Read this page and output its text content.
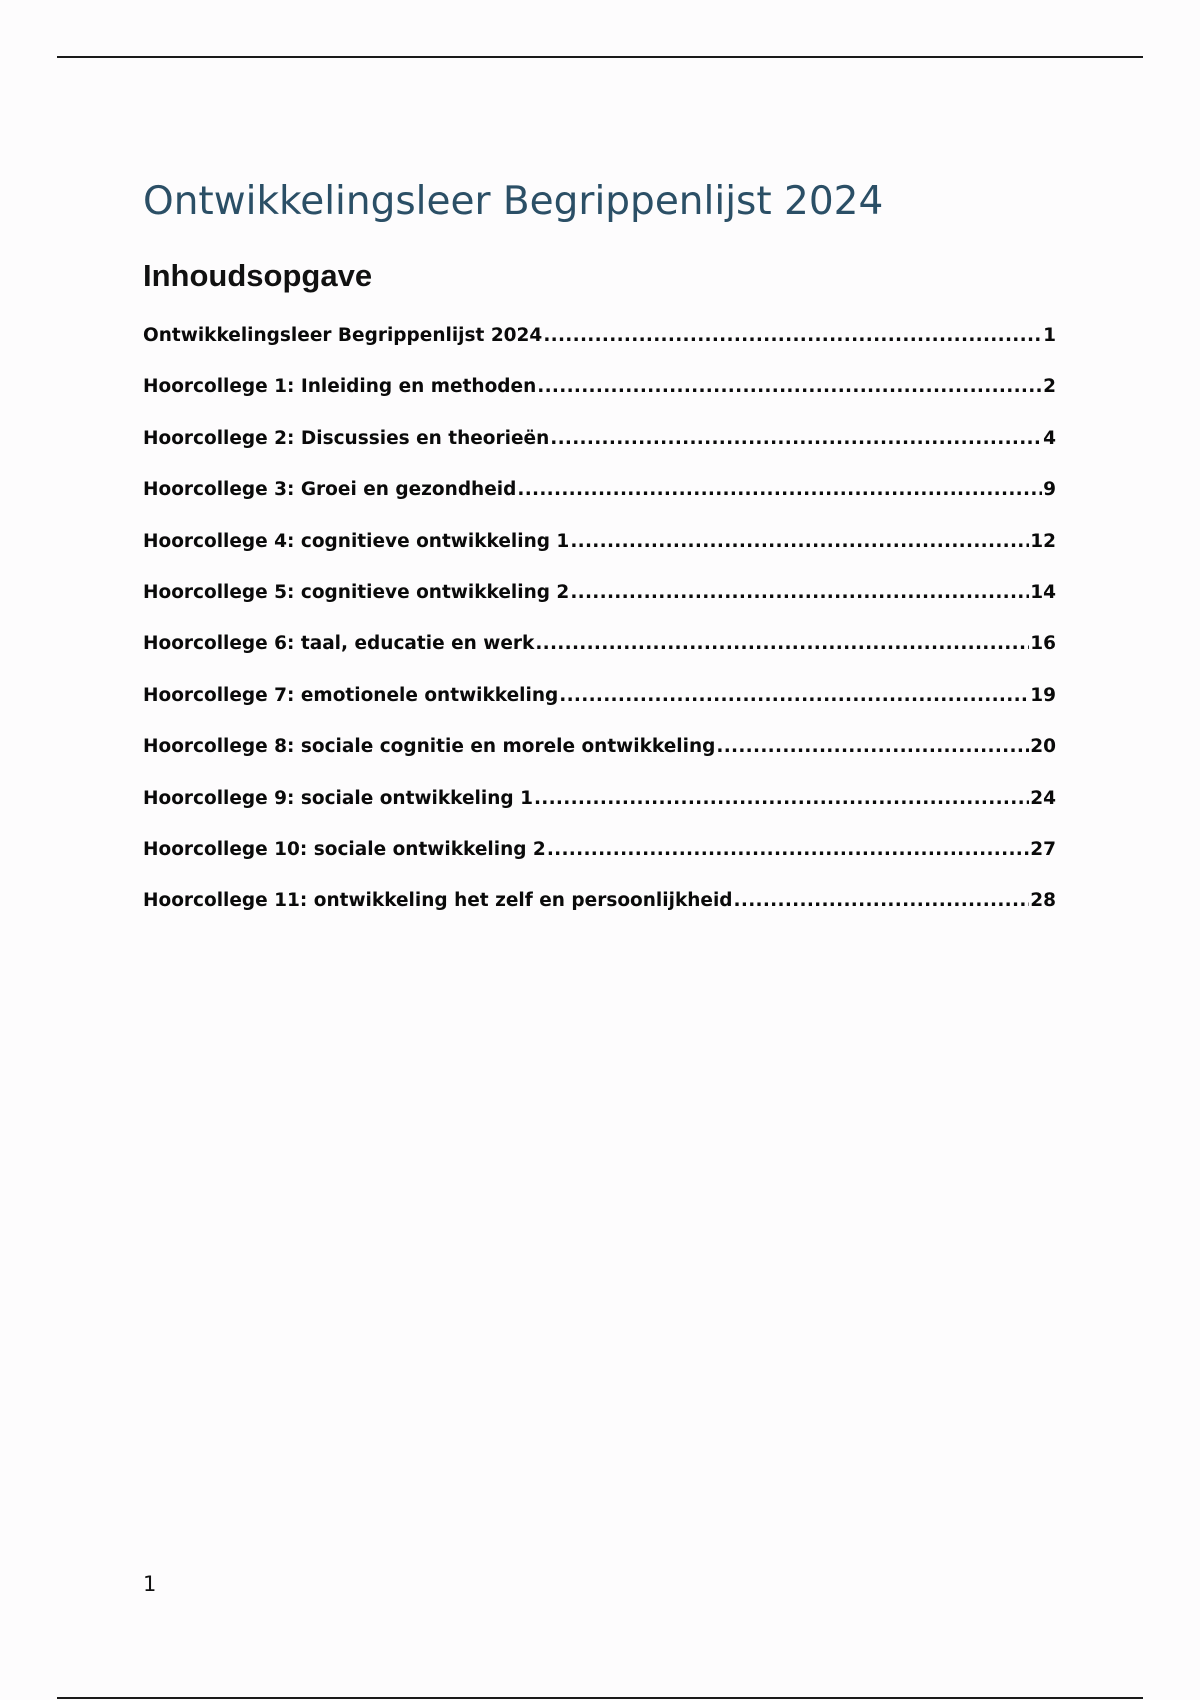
Ontwikkelingsleer Begrippenlijst 2024
Inhoudsopgave
Ontwikkelingsleer Begrippenlijst 2024 .....	1
Hoorcollege 1: Inleiding en methoden .....	2
Hoorcollege 2: Discussies en theorieën .....	4
Hoorcollege 3: Groei en gezondheid .....	9
Hoorcollege 4: cognitieve ontwikkeling 1 .....	12
Hoorcollege 5: cognitieve ontwikkeling 2 .....	14
Hoorcollege 6: taal, educatie en werk .....	16
Hoorcollege 7: emotionele ontwikkeling .....	19
Hoorcollege 8: sociale cognitie en morele ontwikkeling .....	20
Hoorcollege 9: sociale ontwikkeling 1 .....	24
Hoorcollege 10: sociale ontwikkeling 2 .....	27
Hoorcollege 11: ontwikkeling het zelf en persoonlijkheid .....	28
1
